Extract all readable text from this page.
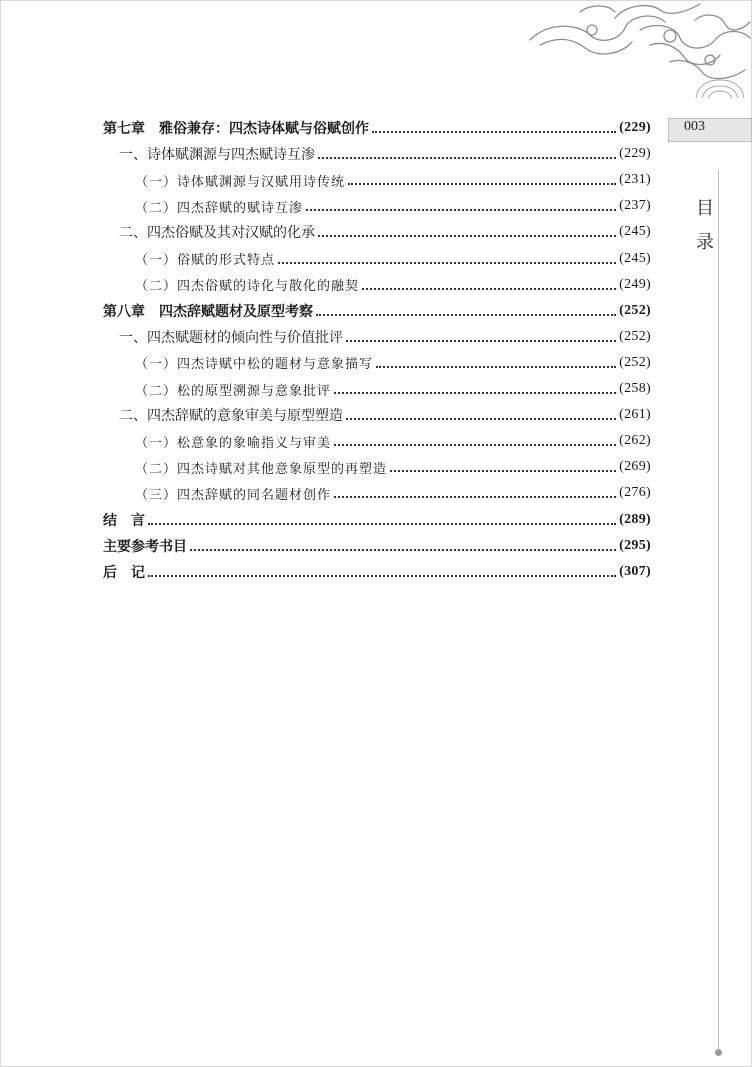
003
目
录
第七章　雅俗兼存：四杰诗体赋与俗赋创作	(229)
一、诗体赋渊源与四杰赋诗互渗	(229)
（一）诗体赋渊源与汉赋用诗传统	(231)
（二）四杰辞赋的赋诗互渗	(237)
二、四杰俗赋及其对汉赋的化承	(245)
（一）俗赋的形式特点	(245)
（二）四杰俗赋的诗化与散化的融契	(249)
第八章　四杰辞赋题材及原型考察	(252)
一、四杰赋题材的倾向性与价值批评	(252)
（一）四杰诗赋中松的题材与意象描写	(252)
（二）松的原型溯源与意象批评	(258)
二、四杰辞赋的意象审美与原型塑造	(261)
（一）松意象的象喻指义与审美	(262)
（二）四杰诗赋对其他意象原型的再塑造	(269)
（三）四杰辞赋的同名题材创作	(276)
结　言	(289)
主要参考书目	(295)
后　记	(307)
